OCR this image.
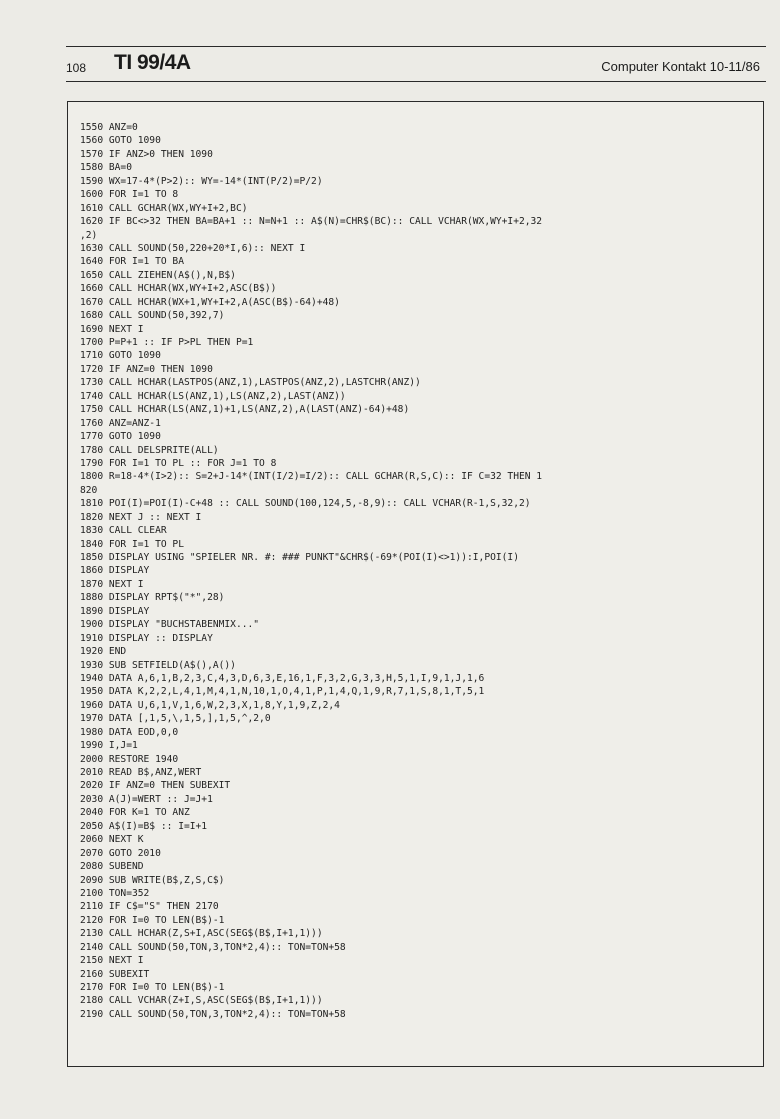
108 TI 99/4A	Computer Kontakt 10-11/86
1550 ANZ=0
1560 GOTO 1090
1570 IF ANZ>0 THEN 1090
1580 BA=0
1590 WX=17-4*(P>2):: WY=-14*(INT(P/2)=P/2)
1600 FOR I=1 TO 8
1610 CALL GCHAR(WX,WY+I+2,BC)
1620 IF BC<>32 THEN BA=BA+1 :: N=N+1 :: A$(N)=CHR$(BC):: CALL VCHAR(WX,WY+I+2,32
,2)
1630 CALL SOUND(50,220+20*I,6):: NEXT I
1640 FOR I=1 TO BA
1650 CALL ZIEHEN(A$(),N,B$)
1660 CALL HCHAR(WX,WY+I+2,ASC(B$))
1670 CALL HCHAR(WX+1,WY+I+2,A(ASC(B$)-64)+48)
1680 CALL SOUND(50,392,7)
1690 NEXT I
1700 P=P+1 :: IF P>PL THEN P=1
1710 GOTO 1090
1720 IF ANZ=0 THEN 1090
1730 CALL HCHAR(LASTPOS(ANZ,1),LASTPOS(ANZ,2),LASTCHR(ANZ))
1740 CALL HCHAR(LS(ANZ,1),LS(ANZ,2),LAST(ANZ))
1750 CALL HCHAR(LS(ANZ,1)+1,LS(ANZ,2),A(LAST(ANZ)-64)+48)
1760 ANZ=ANZ-1
1770 GOTO 1090
1780 CALL DELSPRITE(ALL)
1790 FOR I=1 TO PL :: FOR J=1 TO 8
1800 R=18-4*(I>2):: S=2+J-14*(INT(I/2)=I/2):: CALL GCHAR(R,S,C):: IF C=32 THEN 1
820
1810 POI(I)=POI(I)-C+48 :: CALL SOUND(100,124,5,-8,9):: CALL VCHAR(R-1,S,32,2)
1820 NEXT J :: NEXT I
1830 CALL CLEAR
1840 FOR I=1 TO PL
1850 DISPLAY USING "SPIELER NR. #: ### PUNKT"&CHR$(-69*(POI(I)<>1)):I,POI(I)
1860 DISPLAY
1870 NEXT I
1880 DISPLAY RPT$("*",28)
1890 DISPLAY
1900 DISPLAY "BUCHSTABENMIX..."
1910 DISPLAY :: DISPLAY
1920 END
1930 SUB SETFIELD(A$(),A())
1940 DATA A,6,1,B,2,3,C,4,3,D,6,3,E,16,1,F,3,2,G,3,3,H,5,1,I,9,1,J,1,6
1950 DATA K,2,2,L,4,1,M,4,1,N,10,1,O,4,1,P,1,4,Q,1,9,R,7,1,S,8,1,T,5,1
1960 DATA U,6,1,V,1,6,W,2,3,X,1,8,Y,1,9,Z,2,4
1970 DATA [,1,5,\,1,5,],1,5,^,2,0
1980 DATA EOD,0,0
1990 I,J=1
2000 RESTORE 1940
2010 READ B$,ANZ,WERT
2020 IF ANZ=0 THEN SUBEXIT
2030 A(J)=WERT :: J=J+1
2040 FOR K=1 TO ANZ
2050 A$(I)=B$ :: I=I+1
2060 NEXT K
2070 GOTO 2010
2080 SUBEND
2090 SUB WRITE(B$,Z,S,C$)
2100 TON=352
2110 IF C$="S" THEN 2170
2120 FOR I=0 TO LEN(B$)-1
2130 CALL HCHAR(Z,S+I,ASC(SEG$(B$,I+1,1)))
2140 CALL SOUND(50,TON,3,TON*2,4):: TON=TON+58
2150 NEXT I
2160 SUBEXIT
2170 FOR I=0 TO LEN(B$)-1
2180 CALL VCHAR(Z+I,S,ASC(SEG$(B$,I+1,1)))
2190 CALL SOUND(50,TON,3,TON*2,4):: TON=TON+58
